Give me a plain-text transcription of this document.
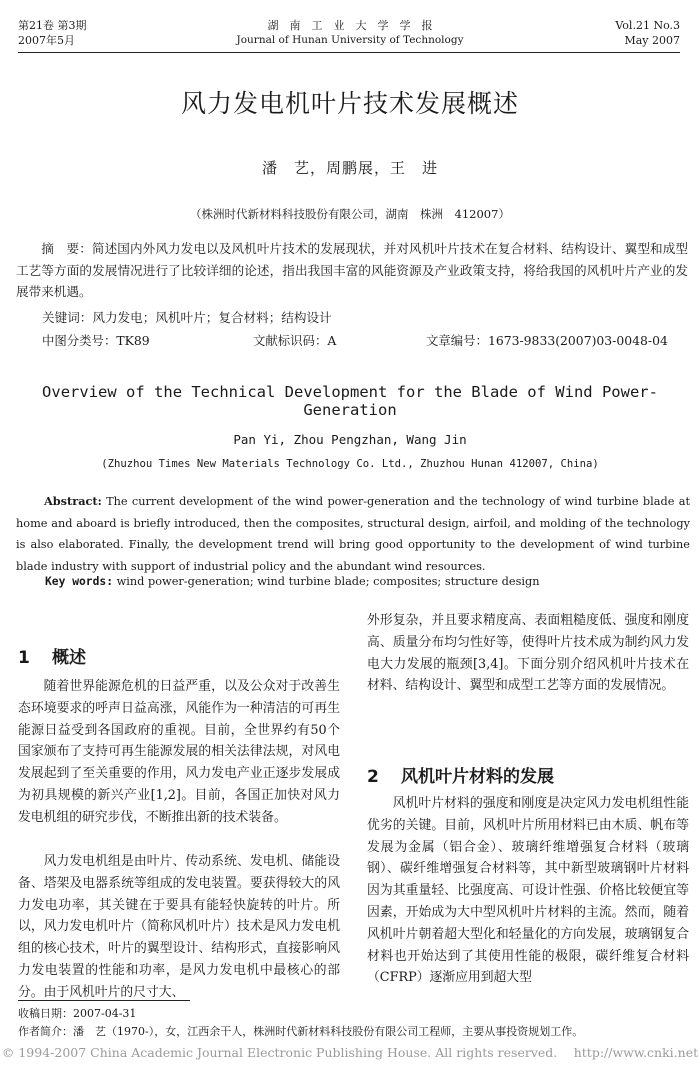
第21卷 第3期
2007年5月
湖　南　工　业　大　学　学　报
Journal of Hunan University of Technology
Vol.21 No.3
May 2007
风力发电机叶片技术发展概述
潘　艺，周鹏展，王　进
（株洲时代新材料科技股份有限公司，湖南　株洲　412007）
摘　要：简述国内外风力发电以及风机叶片技术的发展现状，并对风机叶片技术在复合材料、结构设计、翼型和成型工艺等方面的发展情况进行了比较详细的论述，指出我国丰富的风能资源及产业政策支持，将给我国的风机叶片产业的发展带来机遇。
关键词：风力发电；风机叶片；复合材料；结构设计
中图分类号：TK89	文献标识码：A	文章编号：1673-9833(2007)03-0048-04
Overview of the Technical Development for the Blade of Wind Power-Generation
Pan Yi, Zhou Pengzhan, Wang Jin
(Zhuzhou Times New Materials Technology Co. Ltd., Zhuzhou Hunan 412007, China)
Abstract: The current development of the wind power-generation and the technology of wind turbine blade at home and aboard is briefly introduced, then the composites, structural design, airfoil, and molding of the technology is also elaborated. Finally, the development trend will bring good opportunity to the development of wind turbine blade industry with support of industrial policy and the abundant wind resources.
Key words: wind power-generation; wind turbine blade; composites; structure design
1 概述
随着世界能源危机的日益严重，以及公众对于改善生态环境要求的呼声日益高涨，风能作为一种清洁的可再生能源日益受到各国政府的重视。目前，全世界约有50个国家颁布了支持可再生能源发展的相关法律法规，对风电发展起到了至关重要的作用，风力发电产业正逐步发展成为初具规模的新兴产业[1,2]。目前，各国正加快对风力发电机组的研究步伐，不断推出新的技术装备。
风力发电机组是由叶片、传动系统、发电机、储能设备、塔架及电器系统等组成的发电装置。要获得较大的风力发电功率，其关键在于要具有能轻快旋转的叶片。所以，风力发电机叶片（简称风机叶片）技术是风力发电机组的核心技术，叶片的翼型设计、结构形式，直接影响风力发电装置的性能和功率，是风力发电机中最核心的部分。由于风机叶片的尺寸大、
外形复杂，并且要求精度高、表面粗糙度低、强度和刚度高、质量分布均匀性好等，使得叶片技术成为制约风力发电大力发展的瓶颈[3,4]。下面分别介绍风机叶片技术在材料、结构设计、翼型和成型工艺等方面的发展情况。
2 风机叶片材料的发展
风机叶片材料的强度和刚度是决定风力发电机组性能优劣的关键。目前，风机叶片所用材料已由木质、帆布等发展为金属（铝合金）、玻璃纤维增强复合材料（玻璃钢）、碳纤维增强复合材料等，其中新型玻璃钢叶片材料因为其重量轻、比强度高、可设计性强、价格比较便宜等因素，开始成为大中型风机叶片材料的主流。然而，随着风机叶片朝着超大型化和轻量化的方向发展，玻璃钢复合材料也开始达到了其使用性能的极限，碳纤维复合材料（CFRP）逐渐应用到超大型
收稿日期：2007-04-31
作者简介：潘　艺（1970-），女，江西余干人，株洲时代新材料科技股份有限公司工程师，主要从事投资规划工作。
© 1994-2007 China Academic Journal Electronic Publishing House. All rights reserved.　 http://www.cnki.net
